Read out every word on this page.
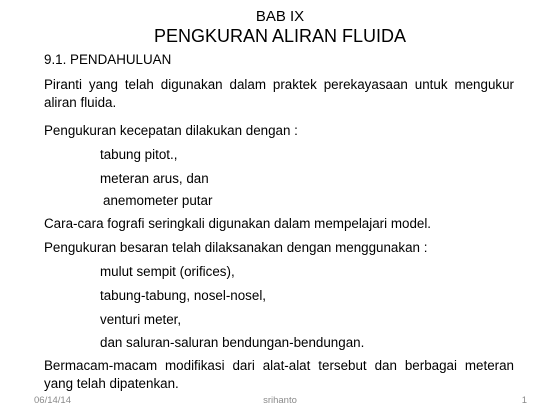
BAB IX
PENGKURAN ALIRAN FLUIDA
9.1. PENDAHULUAN
Piranti yang telah digunakan dalam praktek perekayasaan untuk mengukur aliran fluida.
Pengukuran kecepatan dilakukan dengan :
tabung pitot.,
meteran arus, dan
anemometer putar
Cara-cara fografi seringkali digunakan dalam mempelajari model.
Pengukuran besaran telah dilaksanakan dengan menggunakan :
mulut sempit (orifices),
tabung-tabung, nosel-nosel,
venturi meter,
dan saluran-saluran bendungan-bendungan.
Bermacam-macam modifikasi dari alat-alat tersebut dan berbagai meteran yang telah dipatenkan.
06/14/14	srihanto	1
